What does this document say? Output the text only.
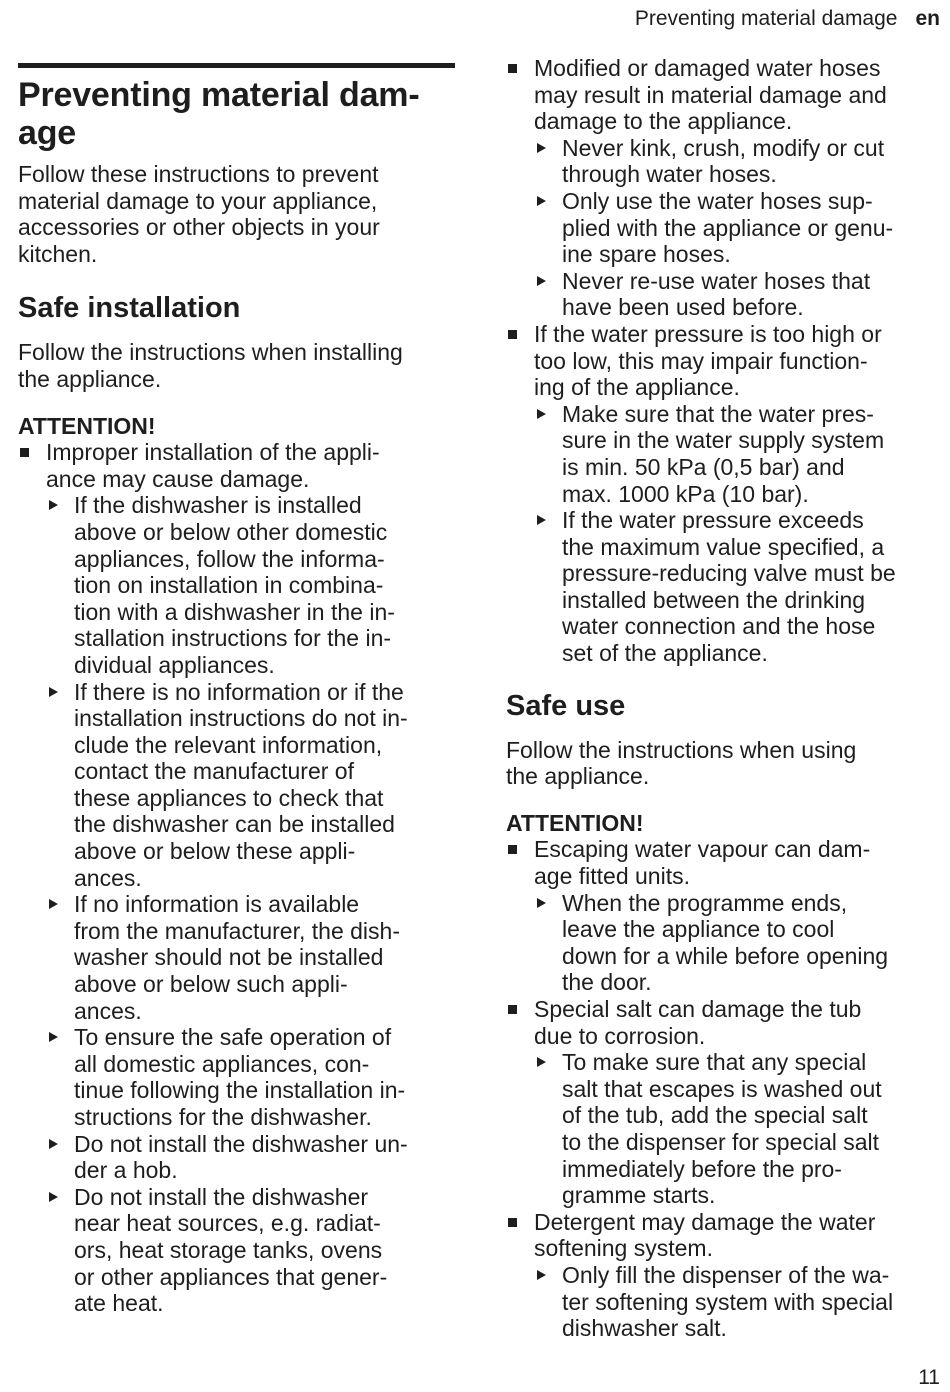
Preventing material damage en
Preventing material dam-
age
Follow these instructions to prevent
material damage to your appliance,
accessories or other objects in your
kitchen.
Safe installation
Follow the instructions when installing
the appliance.
ATTENTION!
Improper installation of the appli-
ance may cause damage.
If the dishwasher is installed
above or below other domestic
appliances, follow the informa-
tion on installation in combina-
tion with a dishwasher in the in-
stallation instructions for the in-
dividual appliances.
If there is no information or if the
installation instructions do not in-
clude the relevant information,
contact the manufacturer of
these appliances to check that
the dishwasher can be installed
above or below these appli-
ances.
If no information is available
from the manufacturer, the dish-
washer should not be installed
above or below such appli-
ances.
To ensure the safe operation of
all domestic appliances, con-
tinue following the installation in-
structions for the dishwasher.
Do not install the dishwasher un-
der a hob.
Do not install the dishwasher
near heat sources, e.g. radiat-
ors, heat storage tanks, ovens
or other appliances that gener-
ate heat.
Modified or damaged water hoses
may result in material damage and
damage to the appliance.
Never kink, crush, modify or cut
through water hoses.
Only use the water hoses sup-
plied with the appliance or genu-
ine spare hoses.
Never re-use water hoses that
have been used before.
If the water pressure is too high or
too low, this may impair function-
ing of the appliance.
Make sure that the water pres-
sure in the water supply system
is min. 50 kPa (0,5 bar) and
max. 1000 kPa (10 bar).
If the water pressure exceeds
the maximum value specified, a
pressure-reducing valve must be
installed between the drinking
water connection and the hose
set of the appliance.
Safe use
Follow the instructions when using
the appliance.
ATTENTION!
Escaping water vapour can dam-
age fitted units.
When the programme ends,
leave the appliance to cool
down for a while before opening
the door.
Special salt can damage the tub
due to corrosion.
To make sure that any special
salt that escapes is washed out
of the tub, add the special salt
to the dispenser for special salt
immediately before the pro-
gramme starts.
Detergent may damage the water
softening system.
Only fill the dispenser of the wa-
ter softening system with special
dishwasher salt.
11
